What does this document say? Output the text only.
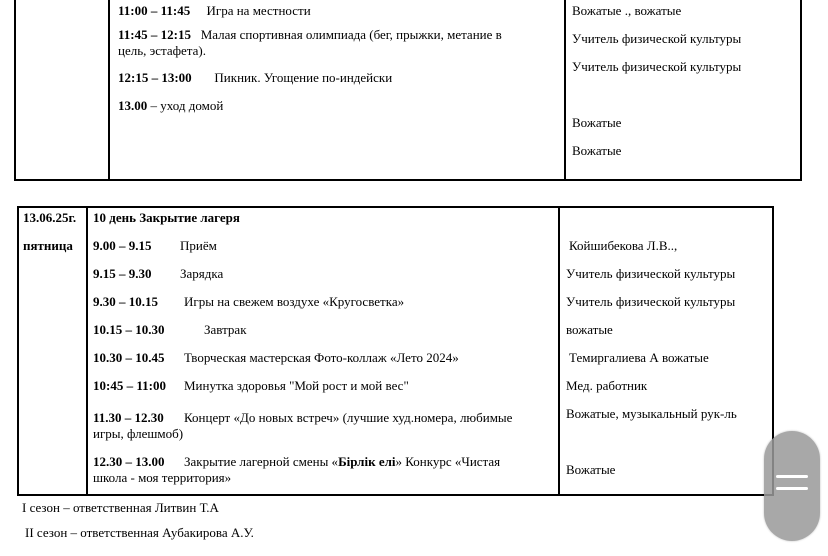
11:00 – 11:45 Игра на местности
11:45 – 12:15 Малая спортивная олимпиада (бег, прыжки, метание в
цель, эстафета).
12:15 – 13:00 Пикник. Угощение по-индейски
13.00 – уход домой
Вожатые ., вожатые
Учитель физической культуры
Учитель физической культуры
Вожатые
Вожатые
13.06.25г.
пятница
10 день Закрытие лагеря
9.00 – 9.15 Приём
9.15 – 9.30 Зарядка
9.30 – 10.15 Игры на свежем воздухе «Кругосветка»
10.15 – 10.30	Завтрак
10.30 – 10.45 Творческая мастерская Фото-коллаж «Лето 2024»
10:45 – 11:00 Минутка здоровья "Мой рост и мой вес"
11.30 – 12.30 Концерт «До новых встреч» (лучшие худ.номера, любимые
игры, флешмоб)
12.30 – 13.00 Закрытие лагерной смены «Бірлік елі» Конкурс «Чистая
школа - моя территория»
Койшибекова Л.В..,
Учитель физической культуры
Учитель физической культуры
вожатые
Темиргалиева А вожатые
Мед. работник
Вожатые, музыкальный рук-ль
Вожатые
I сезон – ответственная Литвин Т.А
II сезон – ответственная Аубакирова А.У.
